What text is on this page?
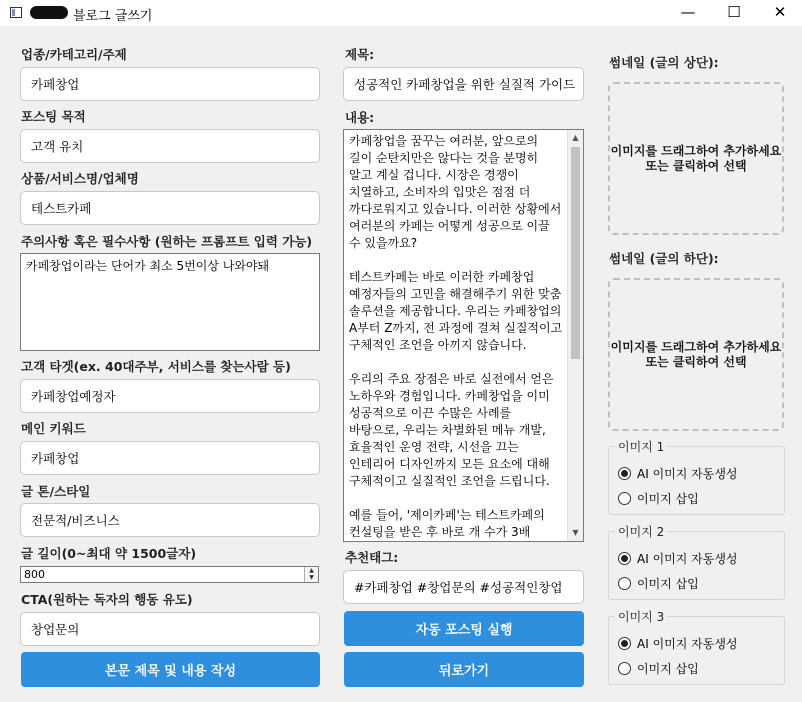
블로그 글쓰기	—	☐	✕
업종/카테고리/주제
카페창업
포스팅 목적
고객 유치
상품/서비스명/업체명
테스트카페
주의사항 혹은 필수사항 (원하는 프롬프트 입력 가능)
카페창업이라는 단어가 최소 5번이상 나와야돼
고객 타겟(ex. 40대주부, 서비스를 찾는사람 등)
카페창업예정자
메인 키워드
카페창업
글 톤/스타일
전문적/비즈니스
글 길이(0~최대 약 1500글자)
800	▲
▼
CTA(원하는 독자의 행동 유도)
창업문의
본문 제목 및 내용 작성
제목:
성공적인 카페창업을 위한 실질적 가이드
내용:
카페창업을 꿈꾸는 여러분, 앞으로의 길이 순탄치만은 않다는 것을 분명히 알고 계실 겁니다. 시장은 경쟁이 치열하고, 소비자의 입맛은 점점 더 까다로워지고 있습니다. 이러한 상황에서 여러분의 카페는 어떻게 성공으로 이끌 수 있을까요?

테스트카페는 바로 이러한 카페창업 예정자들의 고민을 해결해주기 위한 맞춤 솔루션을 제공합니다. 우리는 카페창업의 A부터 Z까지, 전 과정에 걸쳐 실질적이고 구체적인 조언을 아끼지 않습니다.

우리의 주요 장점은 바로 실전에서 얻은 노하우와 경험입니다. 카페창업을 이미 성공적으로 이끈 수많은 사례를 바탕으로, 우리는 차별화된 메뉴 개발, 효율적인 운영 전략, 시선을 끄는 인테리어 디자인까지 모든 요소에 대해 구체적이고 실질적인 조언을 드립니다.

예를 들어, '제이카페'는 테스트카페의 컨설팅을 받은 후 바로 개 수가 3배
▲
▼
추천태그:
#카페창업 #창업문의 #성공적인창업
자동 포스팅 실행
뒤로가기
썸네일 (글의 상단):
이미지를 드래그하여 추가하세요
또는 클릭하여 선택
썸네일 (글의 하단):
이미지를 드래그하여 추가하세요
또는 클릭하여 선택
이미지 1
AI 이미지 자동생성
이미지 삽입
이미지 2
AI 이미지 자동생성
이미지 삽입
이미지 3
AI 이미지 자동생성
이미지 삽입
